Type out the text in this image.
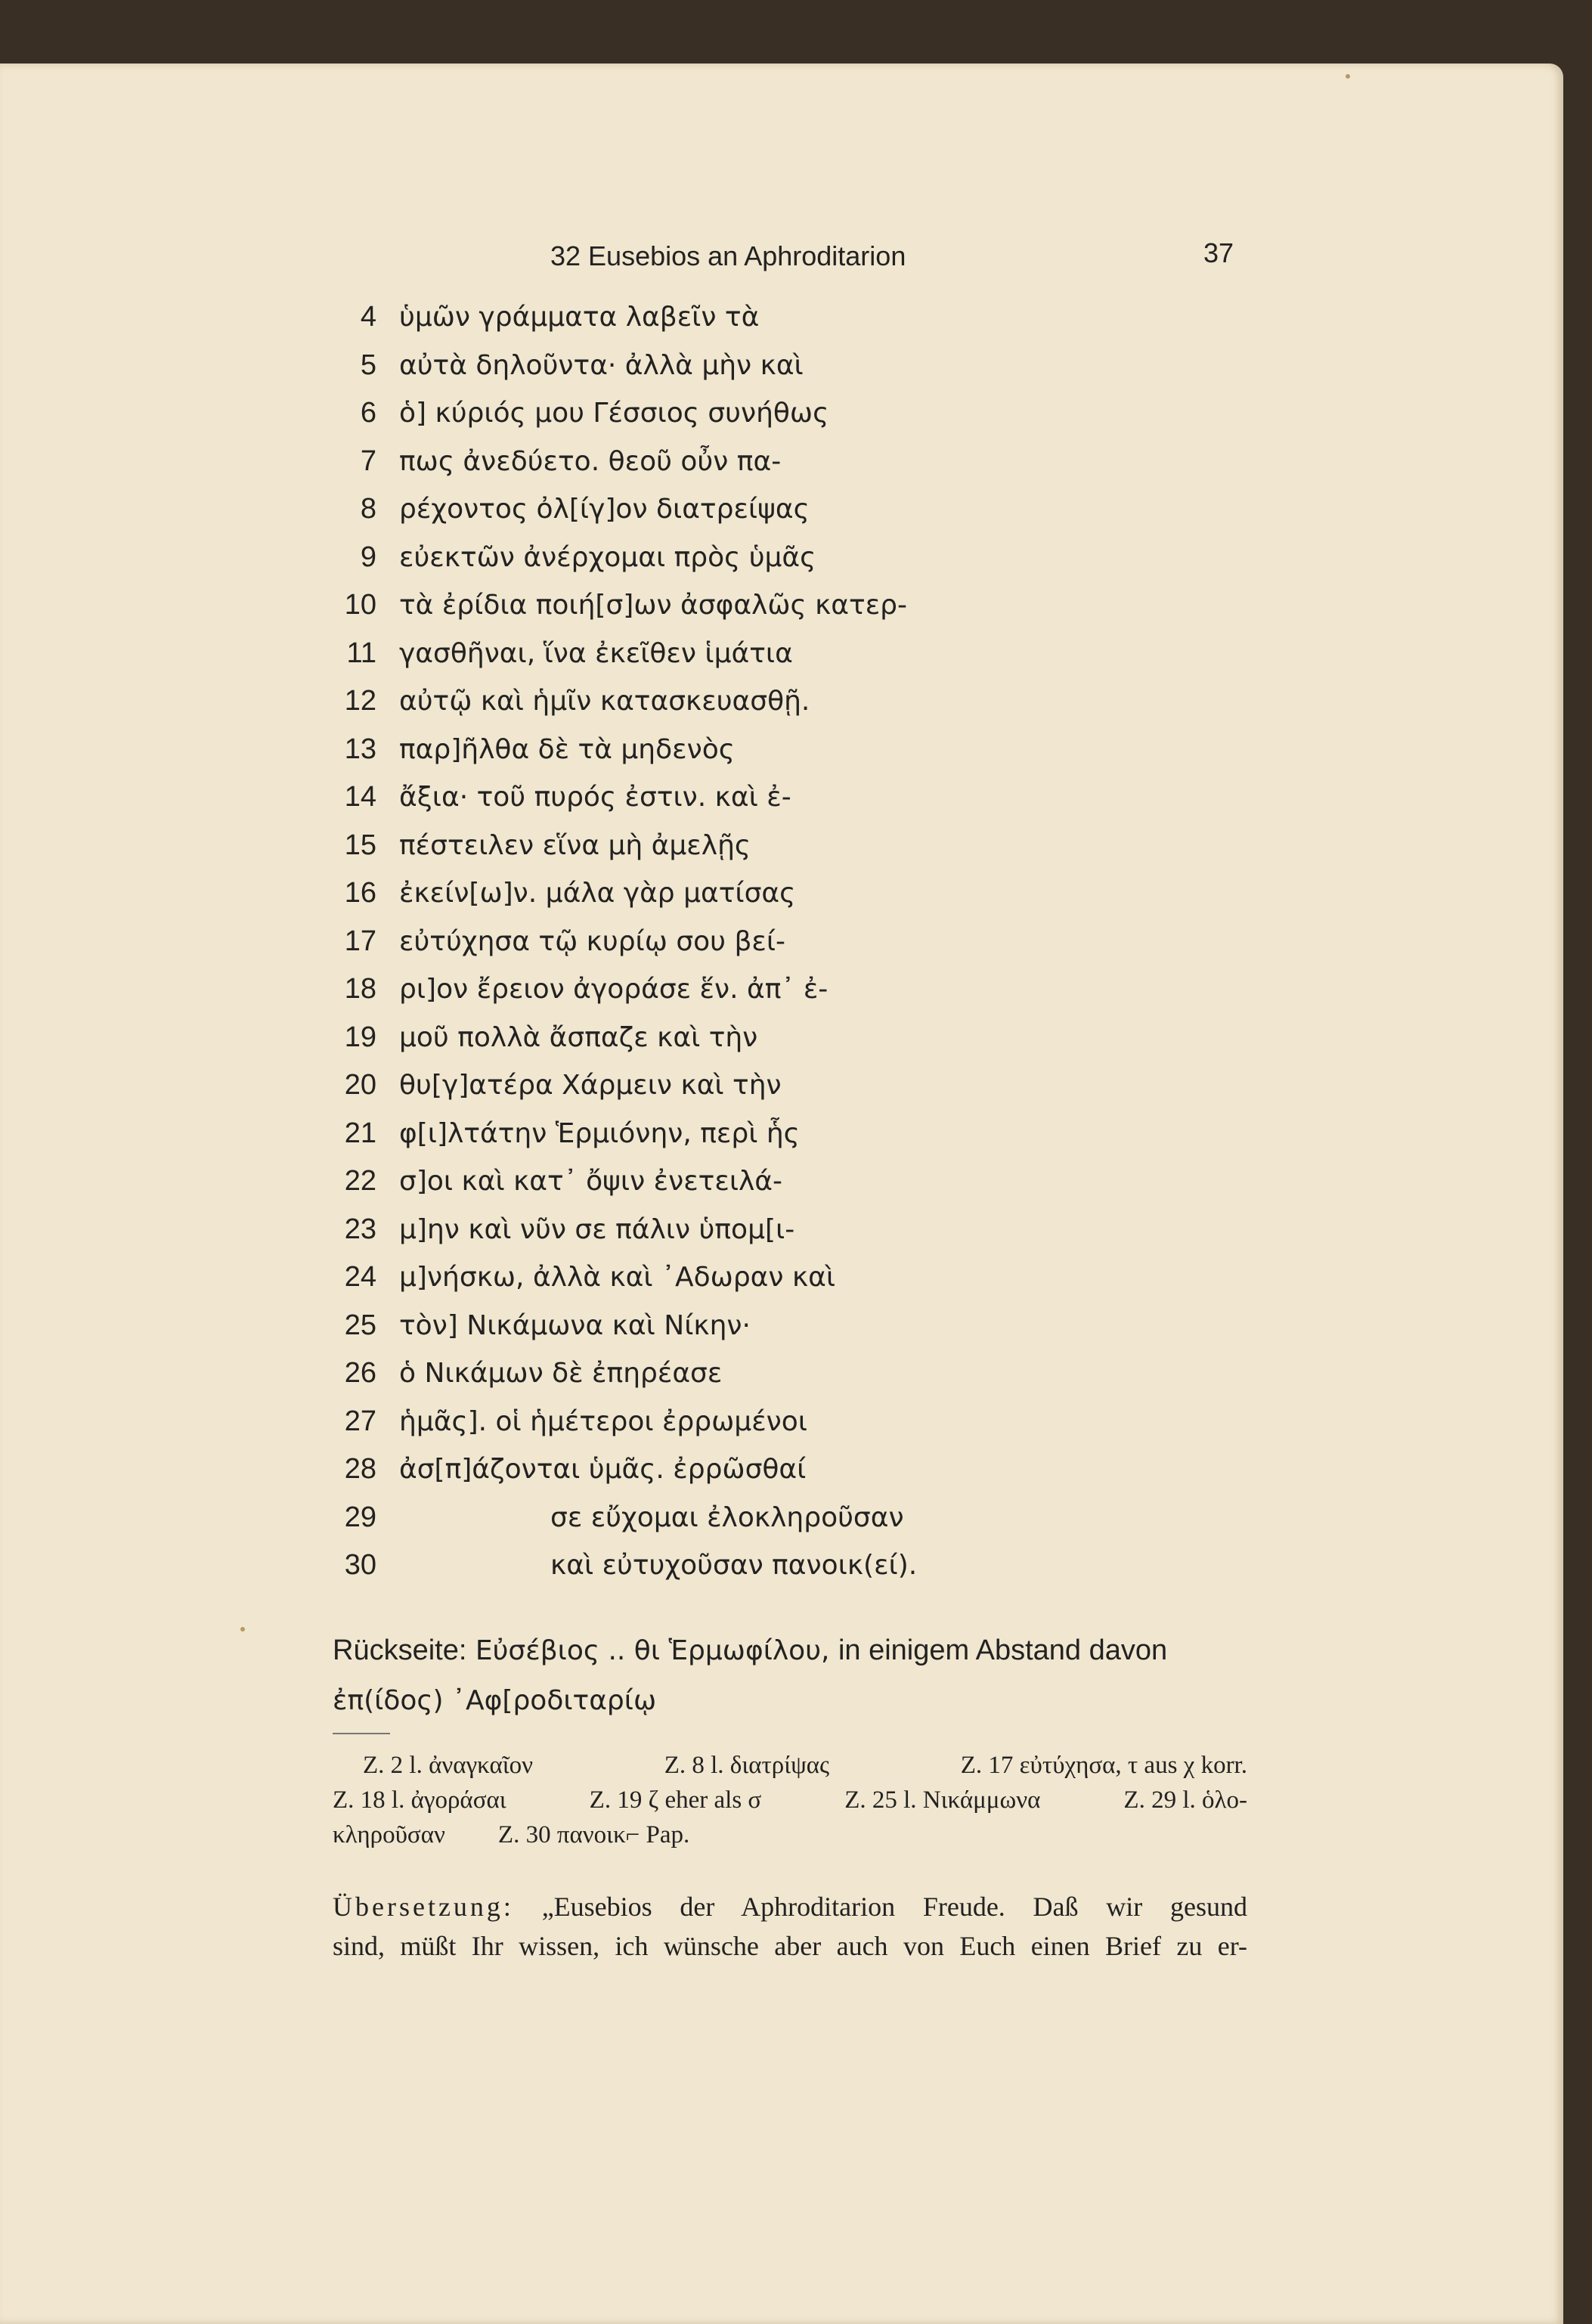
32 Eusebios an Aphroditarion	37
4 ὑμῶν γράμματα λαβεῖν τὰ
5 αὐτὰ δηλοῦντα· ἀλλὰ μὴν καὶ
6 ὁ] κύριός μου Γέσσιος συνήθως
7 πως ἀνεδύετο. θεοῦ οὖν πα-
8 ρέχοντος ὀλ[ίγ]ον διατρείψας
9 εὐεκτῶν ἀνέρχομαι πρὸς ὑμᾶς
10 τὰ ἐρίδια ποιή[σ]ων ἀσφαλῶς κατερ-
11 γασθῆναι, ἵνα ἐκεῖθεν ἱμάτια
12 αὐτῷ καὶ ἡμῖν κατασκευασθῇ.
13 παρ]ῆλθα δὲ τὰ μηδενὸς
14 ἄξια· τοῦ πυρός ἐστιν. καὶ ἐ-
15 πέστειλεν εἵνα μὴ ἀμελῇς
16 ἐκείν[ω]ν. μάλα γὰρ ματίσας
17 εὐτύχησα τῷ κυρίῳ σου βεί-
18 ρι]ον ἔρειον ἀγοράσε ἕν. ἀπ᾽ ἐ-
19 μοῦ πολλὰ ἄσπαζε καὶ τὴν
20 θυ[γ]ατέρα Χάρμειν καὶ τὴν
21 φ[ι]λτάτην Ἑρμιόνην, περὶ ἧς
22 σ]οι καὶ κατ᾽ ὄψιν ἐνετειλά-
23 μ]ην καὶ νῦν σε πάλιν ὑπομ[ι-
24 μ]νήσκω, ἀλλὰ καὶ ᾽Αδωραν καὶ
25 τὸν] Νικάμωνα καὶ Νίκην·
26 ὁ Νικάμων δὲ ἐπηρέασε
27 ἡμᾶς]. οἱ ἡμέτεροι ἐρρωμένοι
28 ἀσ[π]άζονται ὑμᾶς. ἐρρῶσθαί
29	σε εὔχομαι ἐλοκληροῦσαν
30	καὶ εὐτυχοῦσαν πανοικ(εί).
Rückseite: Εὐσέβιος .. θι Ἑρμωφίλου, in einigem Abstand davon
ἐπ(ίδος) ᾽Αφ[ροδιταρίῳ
Z. 2 l. ἀναγκαῖον	Z. 8 l. διατρίψας	Z. 17 εὐτύχησα, τ aus χ korr.
Z. 18 l. ἀγοράσαι	Z. 19 ζ eher als σ	Z. 25 l. Νικάμμωνα	Z. 29 l. ὁλο-
κληροῦσαν Z. 30 πανοικ⌐ Pap.
Übersetzung: „Eusebios der Aphroditarion Freude. Daß wir gesund
sind, müßt Ihr wissen, ich wünsche aber auch von Euch einen Brief zu er-
